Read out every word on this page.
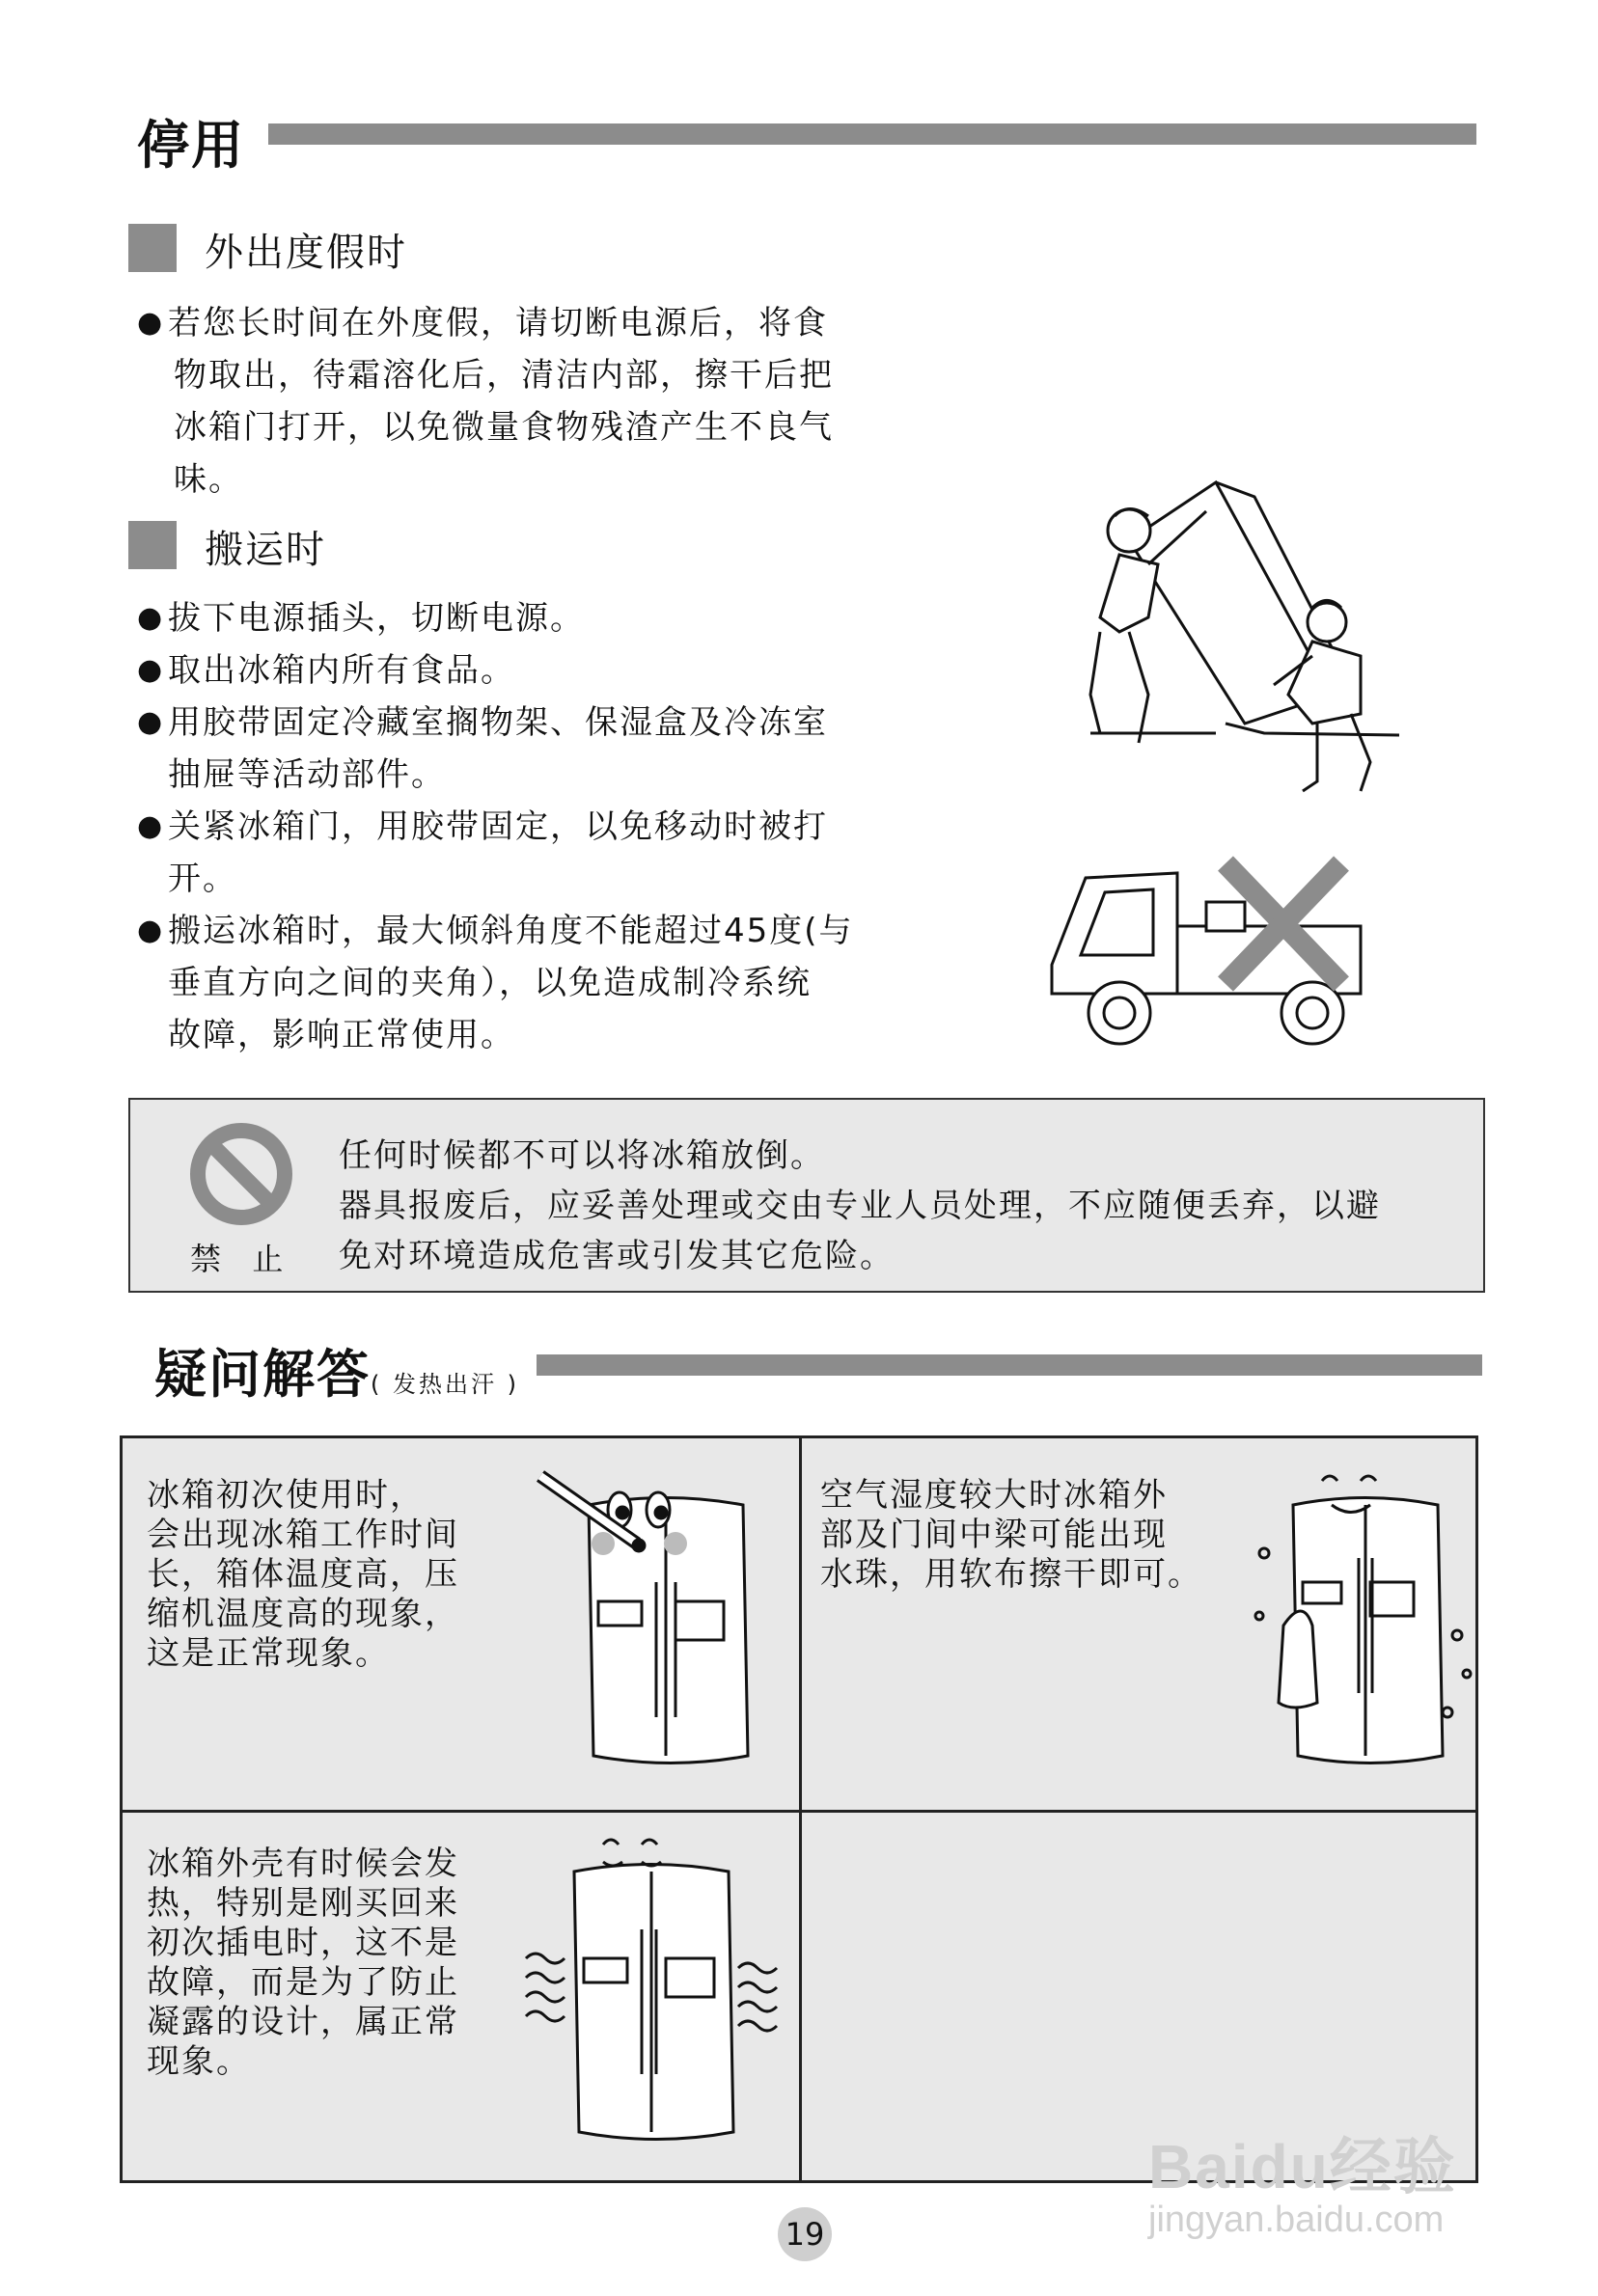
停用
外出度假时
● 若您长时间在外度假，请切断电源后，将食
物取出，待霜溶化后，清洁内部，擦干后把
冰箱门打开，以免微量食物残渣产生不良气
味。
搬运时
● 拔下电源插头，切断电源。
● 取出冰箱内所有食品。
● 用胶带固定冷藏室搁物架、保湿盒及冷冻室
抽屉等活动部件。
● 关紧冰箱门，用胶带固定，以免移动时被打
开。
● 搬运冰箱时，最大倾斜角度不能超过45度(与
垂直方向之间的夹角），以免造成制冷系统
故障，影响正常使用。
禁  止
任何时候都不可以将冰箱放倒。
器具报废后，应妥善处理或交由专业人员处理，不应随便丢弃，以避
免对环境造成危害或引发其它危险。
疑问解答( 发热出汗 )
冰箱初次使用时，
会出现冰箱工作时间
长，箱体温度高，压
缩机温度高的现象，
这是正常现象。
空气湿度较大时冰箱外
部及门间中梁可能出现
水珠，用软布擦干即可。
冰箱外壳有时候会发
热，特别是刚买回来
初次插电时，这不是
故障，而是为了防止
凝露的设计，属正常
现象。
19
Baidu经验
jingyan.baidu.com
